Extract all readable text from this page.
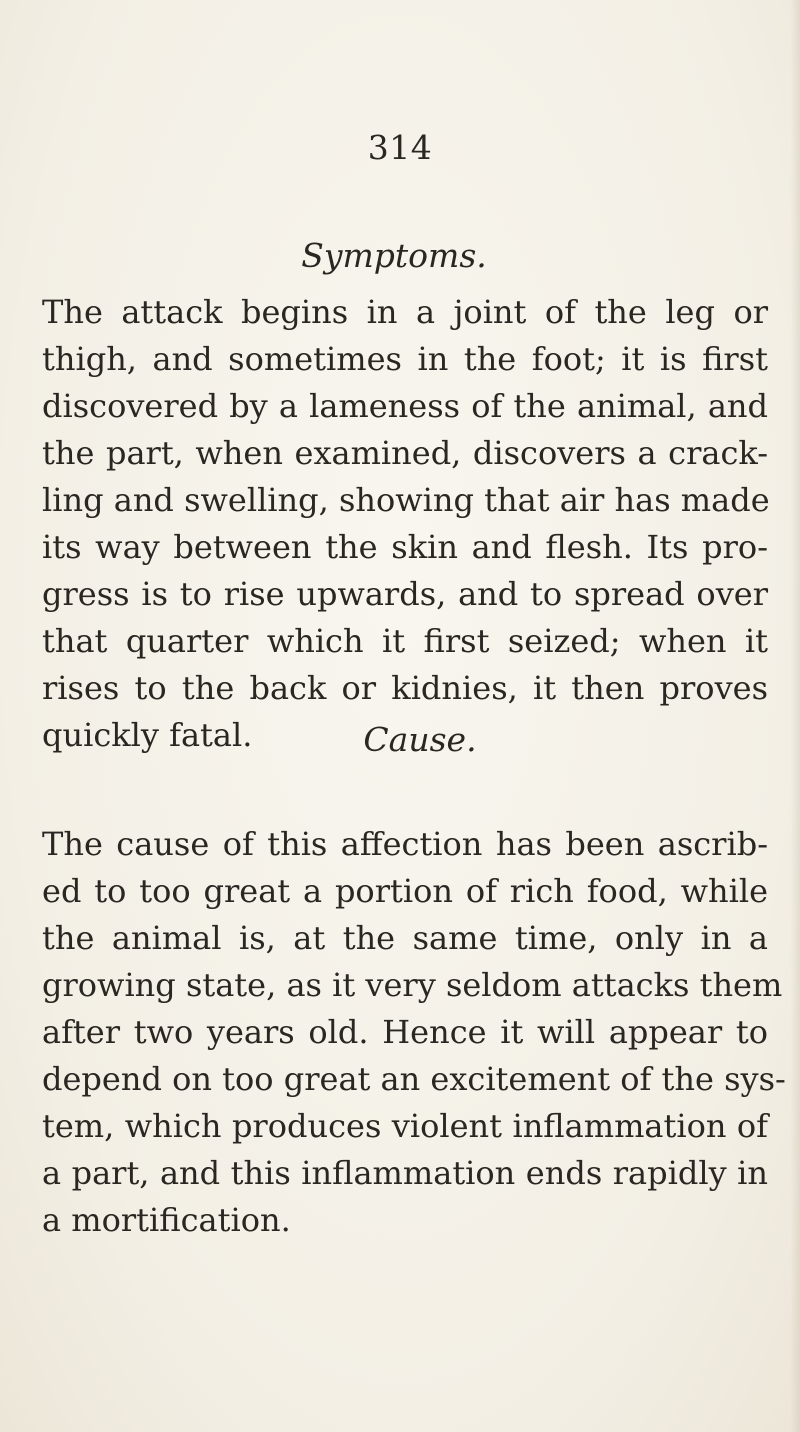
314
Symptoms.
The attack begins in a joint of the leg or
thigh, and sometimes in the foot; it is first
discovered by a lameness of the animal, and
the part, when examined, discovers a crack-
ling and swelling, showing that air has made
its way between the skin and flesh. Its pro-
gress is to rise upwards, and to spread over
that quarter which it first seized; when it
rises to the back or kidnies, it then proves
quickly fatal.	Cause.
The cause of this affection has been ascrib-
ed to too great a portion of rich food, while
the animal is, at the same time, only in a
growing state, as it very seldom attacks them
after two years old. Hence it will appear to
depend on too great an excitement of the sys-
tem, which produces violent inflammation of
a part, and this inflammation ends rapidly in
a mortification.
